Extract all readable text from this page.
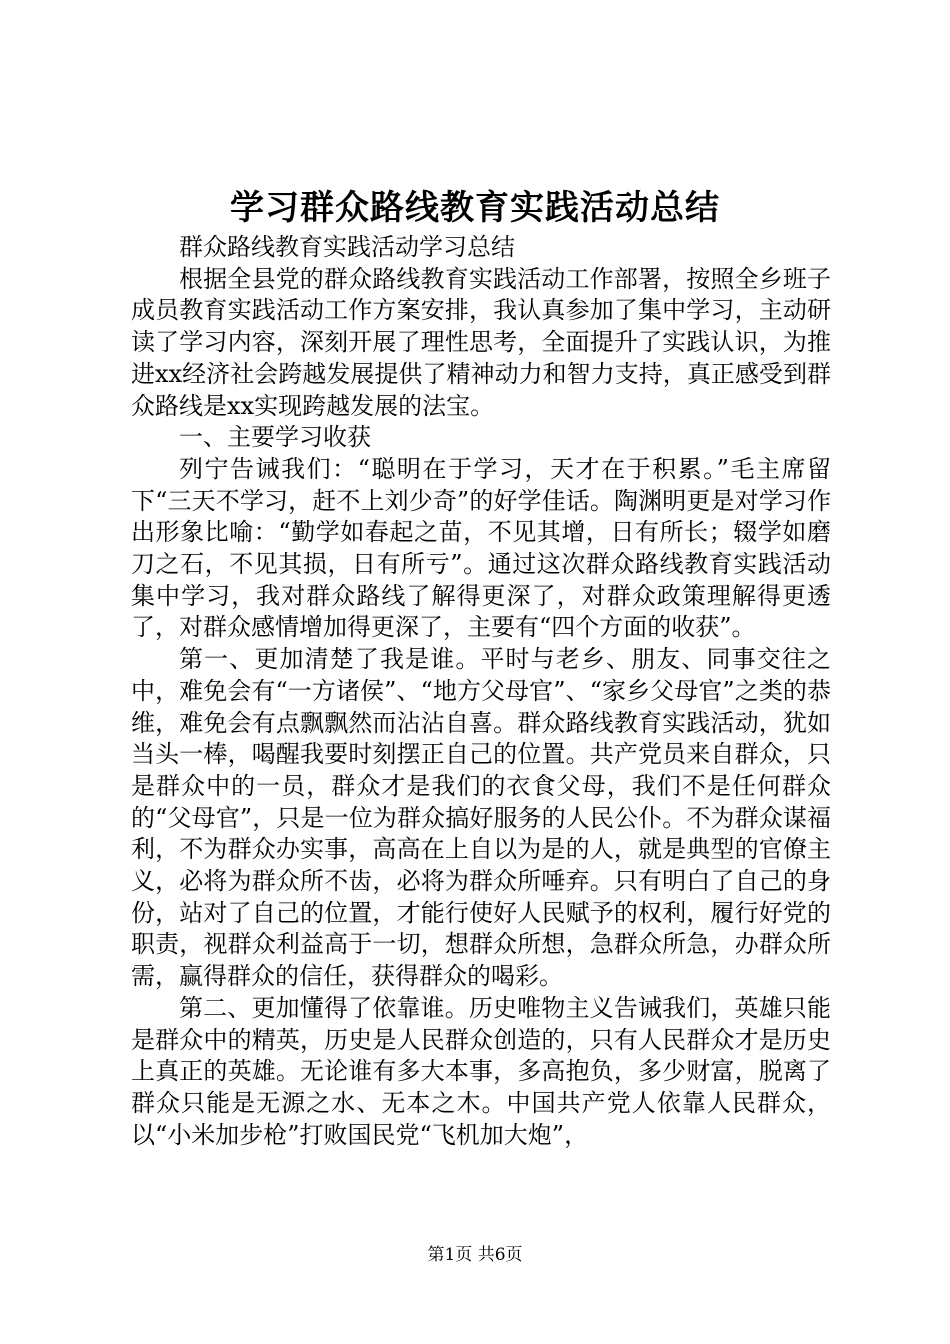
学习群众路线教育实践活动总结

群众路线教育实践活动学习总结

根据全县党的群众路线教育实践活动工作部署，按照全乡班子成员教育实践活动工作方案安排，我认真参加了集中学习，主动研读了学习内容，深刻开展了理性思考，全面提升了实践认识，为推进xx经济社会跨越发展提供了精神动力和智力支持，真正感受到群众路线是xx实现跨越发展的法宝。

一、主要学习收获

列宁告诫我们：“聪明在于学习，天才在于积累。”毛主席留下“三天不学习，赶不上刘少奇”的好学佳话。陶渊明更是对学习作出形象比喻：“勤学如春起之苗，不见其增，日有所长；辍学如磨刀之石，不见其损，日有所亏”。通过这次群众路线教育实践活动集中学习，我对群众路线了解得更深了，对群众政策理解得更透了，对群众感情增加得更深了，主要有“四个方面的收获”。

第一、更加清楚了我是谁。平时与老乡、朋友、同事交往之中，难免会有“一方诸侯”、“地方父母官”、“家乡父母官”之类的恭维，难免会有点飘飘然而沾沾自喜。群众路线教育实践活动，犹如当头一棒，喝醒我要时刻摆正自己的位置。共产党员来自群众，只是群众中的一员，群众才是我们的衣食父母，我们不是任何群众的“父母官”，只是一位为群众搞好服务的人民公仆。不为群众谋福利，不为群众办实事，高高在上自以为是的人，就是典型的官僚主义，必将为群众所不齿，必将为群众所唾弃。只有明白了自己的身份，站对了自己的位置，才能行使好人民赋予的权利，履行好党的职责，视群众利益高于一切，想群众所想，急群众所急，办群众所需，赢得群众的信任，获得群众的喝彩。

第二、更加懂得了依靠谁。历史唯物主义告诫我们，英雄只能是群众中的精英，历史是人民群众创造的，只有人民群众才是历史上真正的英雄。无论谁有多大本事，多高抱负，多少财富，脱离了群众只能是无源之水、无本之木。中国共产党人依靠人民群众，以“小米加步枪”打败国民党“飞机加大炮”，

第1页 共6页
